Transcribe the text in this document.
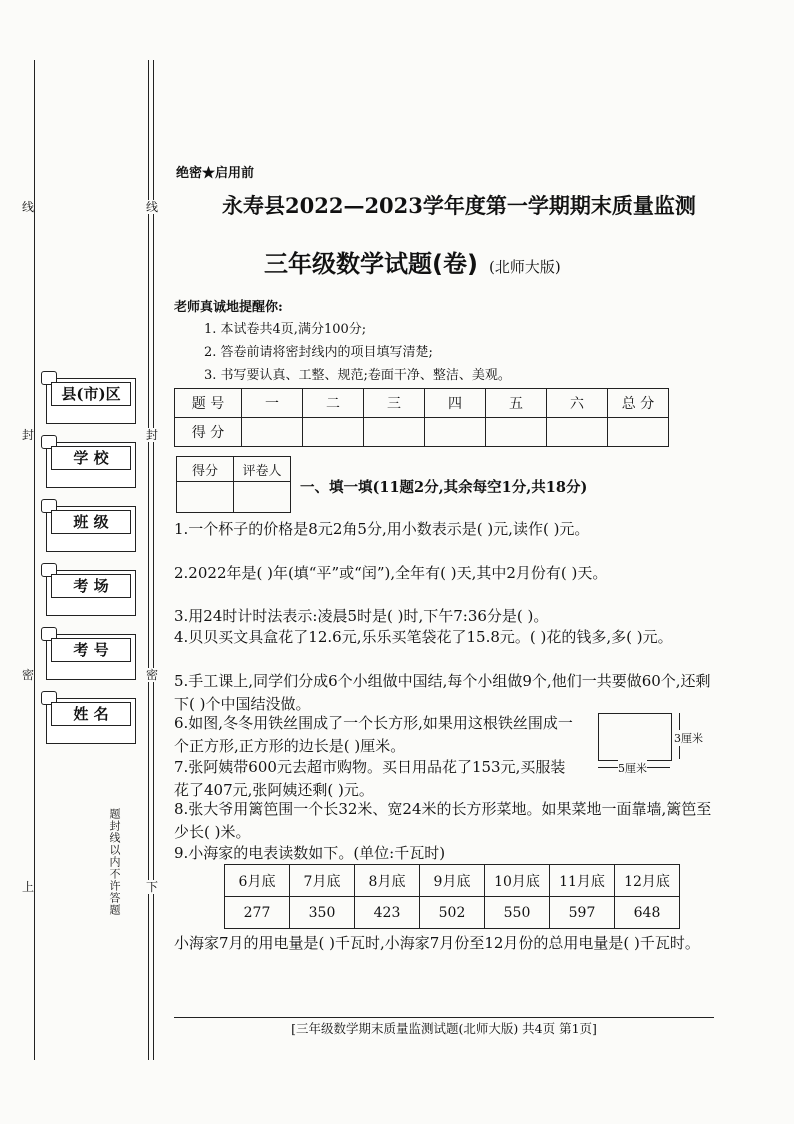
线
封
密
上
线
封
密
下
县(市)区
学 校
班 级
考 场
考 号
姓 名
题封线以内不许答题
绝密★启用前
永寿县2022—2023学年度第一学期期末质量监测
三年级数学试题(卷) (北师大版)
老师真诚地提醒你:
1. 本试卷共4页,满分100分;
2. 答卷前请将密封线内的项目填写清楚;
3. 书写要认真、工整、规范;卷面干净、整洁、美观。
题 号	一	二	三	四	五	六	总 分
得 分							
得分	评卷人

一、填一填(11题2分,其余每空1分,共18分)
1.一个杯子的价格是8元2角5分,用小数表示是( )元,读作( )元。
2.2022年是( )年(填“平”或“闰”),全年有( )天,其中2月份有( )天。
3.用24时计时法表示:凌晨5时是( )时,下午7:36分是( )。
4.贝贝买文具盒花了12.6元,乐乐买笔袋花了15.8元。( )花的钱多,多( )元。
5.手工课上,同学们分成6个小组做中国结,每个小组做9个,他们一共要做60个,还剩下( )个中国结没做。
6.如图,冬冬用铁丝围成了一个长方形,如果用这根铁丝围成一个正方形,正方形的边长是( )厘米。
7.张阿姨带600元去超市购物。买日用品花了153元,买服装花了407元,张阿姨还剩( )元。
3厘米
5厘米
8.张大爷用篱笆围一个长32米、宽24米的长方形菜地。如果菜地一面靠墙,篱笆至少长( )米。
9.小海家的电表读数如下。(单位:千瓦时)
6月底	7月底	8月底	9月底	10月底	11月底	12月底
277	350	423	502	550	597	648
小海家7月的用电量是( )千瓦时,小海家7月份至12月份的总用电量是( )千瓦时。
[三年级数学期末质量监测试题(北师大版) 共4页 第1页]
